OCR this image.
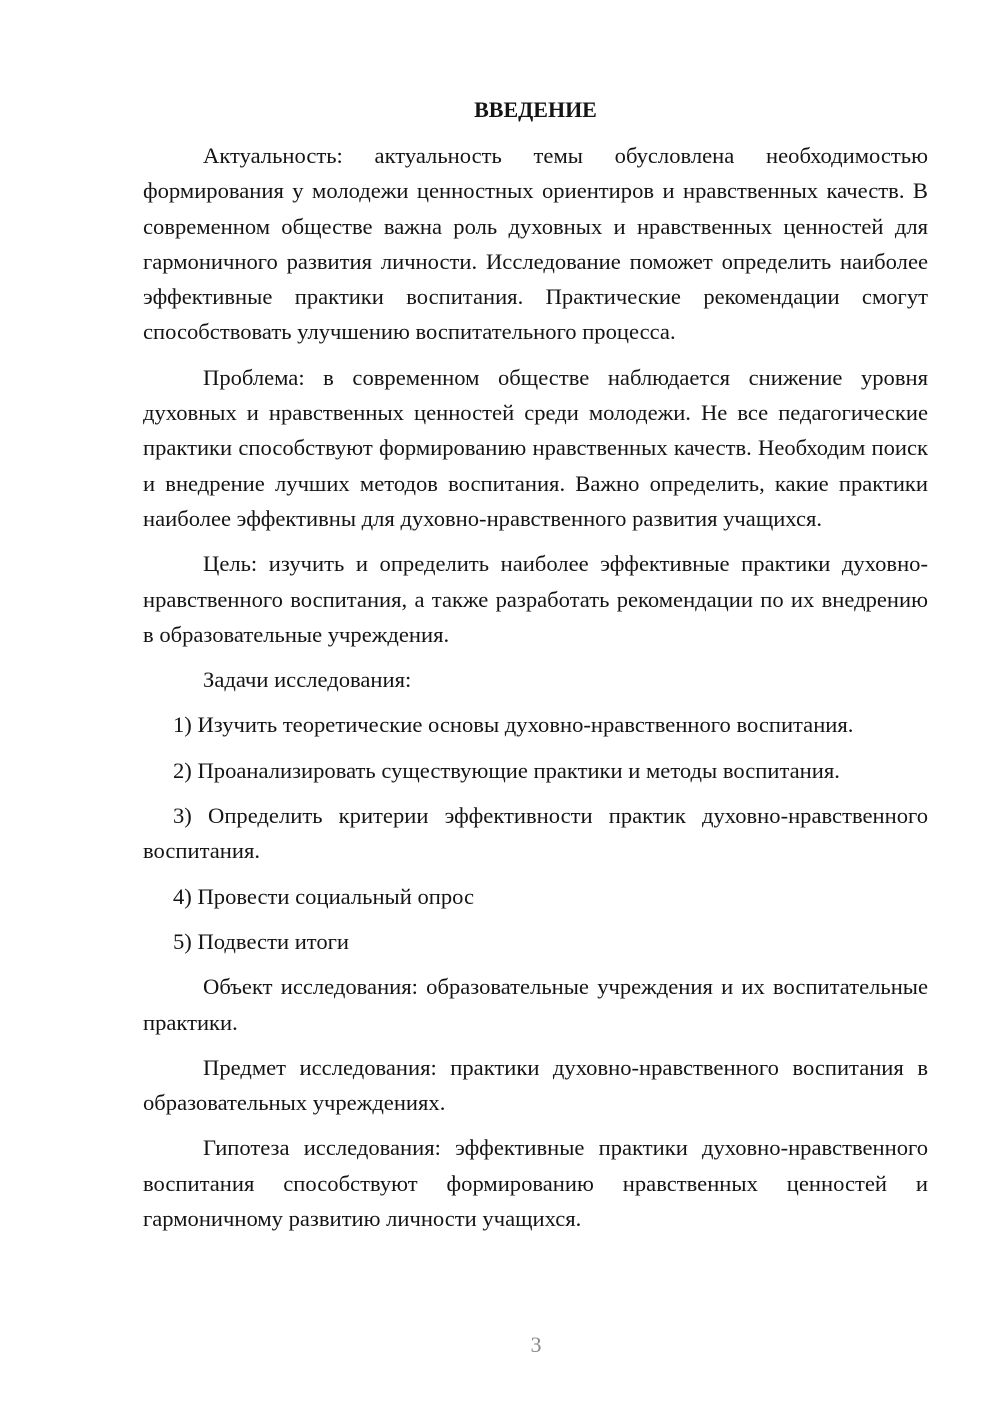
ВВЕДЕНИЕ

Актуальность: актуальность темы обусловлена необходимостью формирования у молодежи ценностных ориентиров и нравственных качеств. В современном обществе важна роль духовных и нравственных ценностей для гармоничного развития личности. Исследование поможет определить наиболее эффективные практики воспитания. Практические рекомендации смогут способствовать улучшению воспитательного процесса.

Проблема: в современном обществе наблюдается снижение уровня духовных и нравственных ценностей среди молодежи. Не все педагогические практики способствуют формированию нравственных качеств. Необходим поиск и внедрение лучших методов воспитания. Важно определить, какие практики наиболее эффективны для духовно-нравственного развития учащихся.

Цель: изучить и определить наиболее эффективные практики духовно-нравственного воспитания, а также разработать рекомендации по их внедрению в образовательные учреждения.

Задачи исследования:

1) Изучить теоретические основы духовно-нравственного воспитания.

2) Проанализировать существующие практики и методы воспитания.

3) Определить критерии эффективности практик духовно-нравственного воспитания.

4) Провести социальный опрос

5) Подвести итоги

Объект исследования: образовательные учреждения и их воспитательные практики.

Предмет исследования: практики духовно-нравственного воспитания в образовательных учреждениях.

Гипотеза исследования: эффективные практики духовно-нравственного воспитания способствуют формированию нравственных ценностей и гармоничному развитию личности учащихся.

3
